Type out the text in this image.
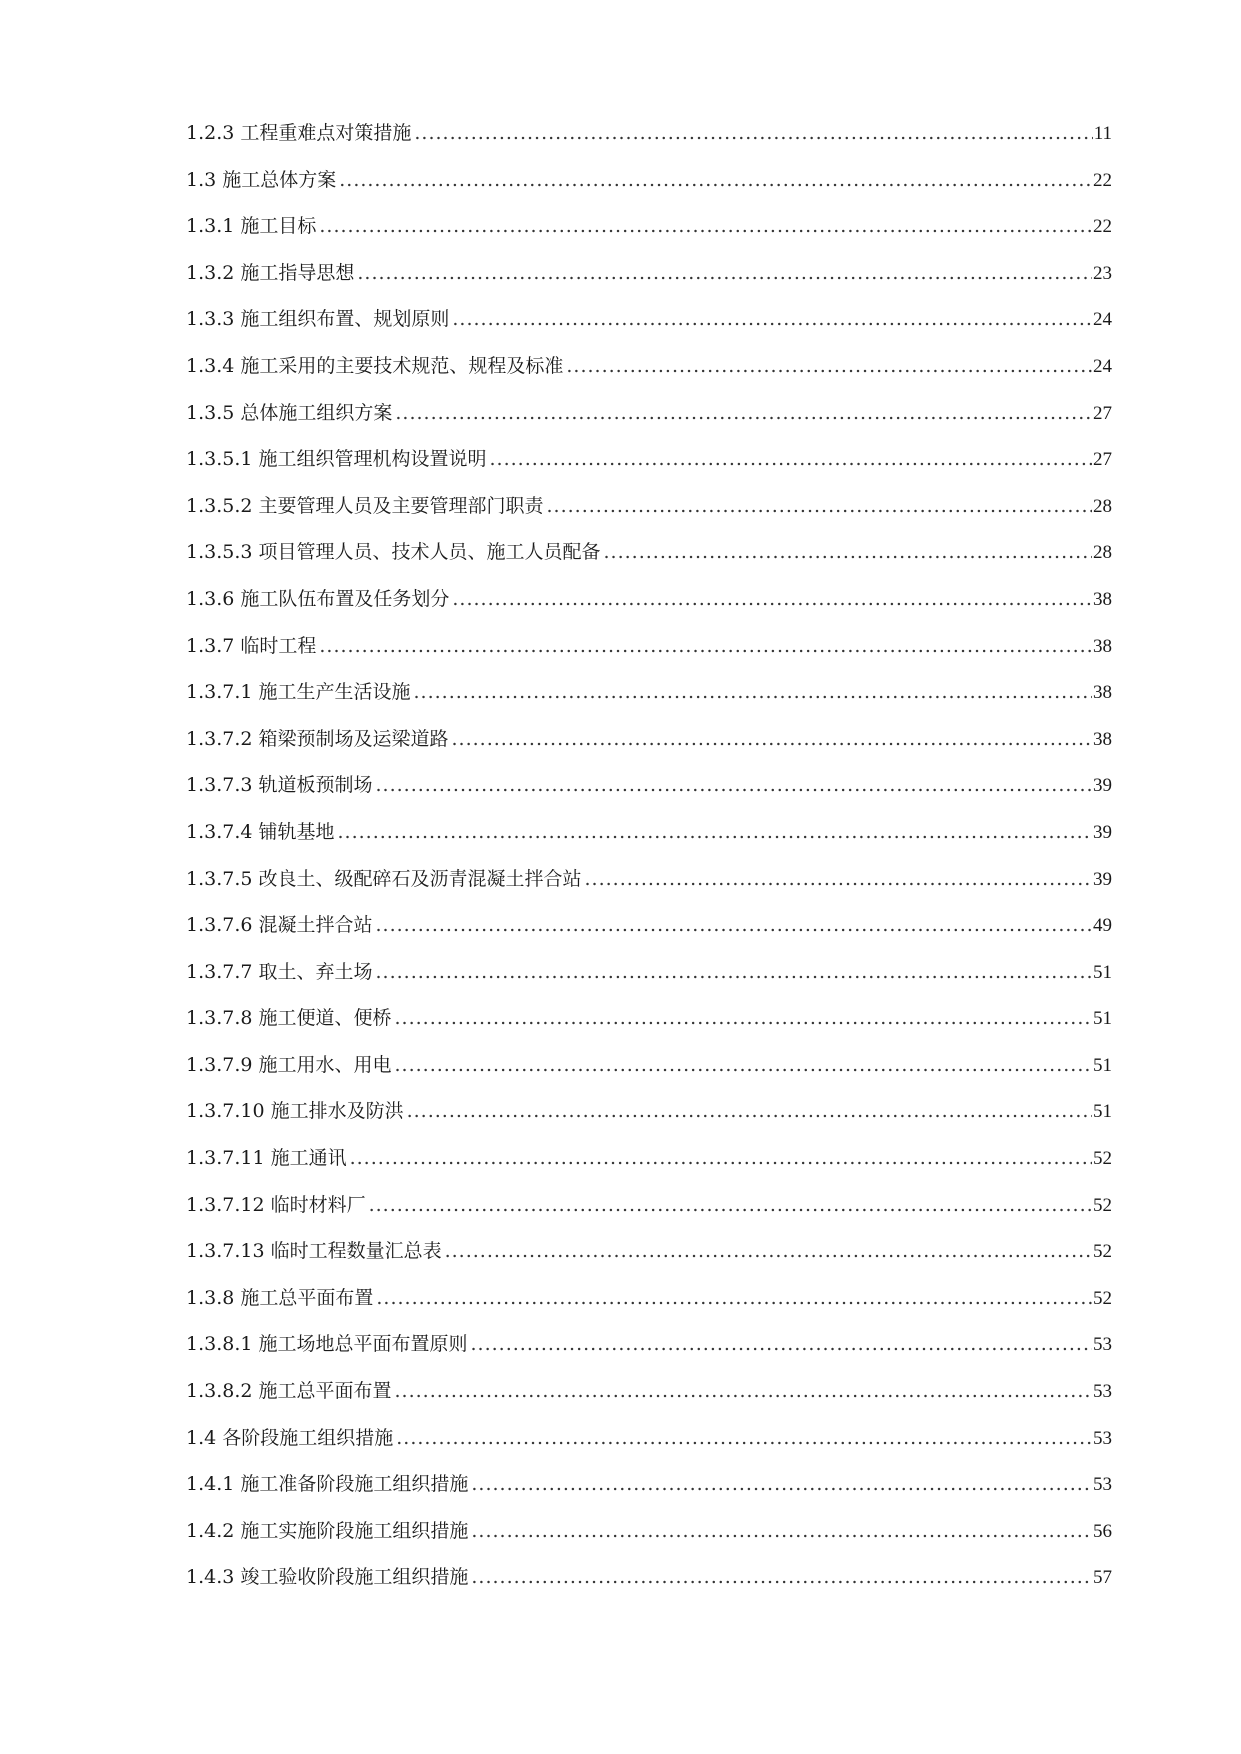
1.2.3 工程重难点对策措施 .....	11
1.3 施工总体方案 .....	22
1.3.1 施工目标 .....	22
1.3.2 施工指导思想 .....	23
1.3.3 施工组织布置、规划原则 .....	24
1.3.4 施工采用的主要技术规范、规程及标准 .....	24
1.3.5 总体施工组织方案 .....	27
1.3.5.1 施工组织管理机构设置说明 .....	27
1.3.5.2 主要管理人员及主要管理部门职责 .....	28
1.3.5.3 项目管理人员、技术人员、施工人员配备 .....	28
1.3.6 施工队伍布置及任务划分 .....	38
1.3.7 临时工程 .....	38
1.3.7.1 施工生产生活设施 .....	38
1.3.7.2 箱梁预制场及运梁道路 .....	38
1.3.7.3 轨道板预制场 .....	39
1.3.7.4 铺轨基地 .....	39
1.3.7.5 改良土、级配碎石及沥青混凝土拌合站 .....	39
1.3.7.6 混凝土拌合站 .....	49
1.3.7.7 取土、弃土场 .....	51
1.3.7.8 施工便道、便桥 .....	51
1.3.7.9 施工用水、用电 .....	51
1.3.7.10 施工排水及防洪 .....	51
1.3.7.11 施工通讯 .....	52
1.3.7.12 临时材料厂 .....	52
1.3.7.13 临时工程数量汇总表 .....	52
1.3.8 施工总平面布置 .....	52
1.3.8.1 施工场地总平面布置原则 .....	53
1.3.8.2 施工总平面布置 .....	53
1.4 各阶段施工组织措施 .....	53
1.4.1 施工准备阶段施工组织措施 .....	53
1.4.2 施工实施阶段施工组织措施 .....	56
1.4.3 竣工验收阶段施工组织措施 .....	57
